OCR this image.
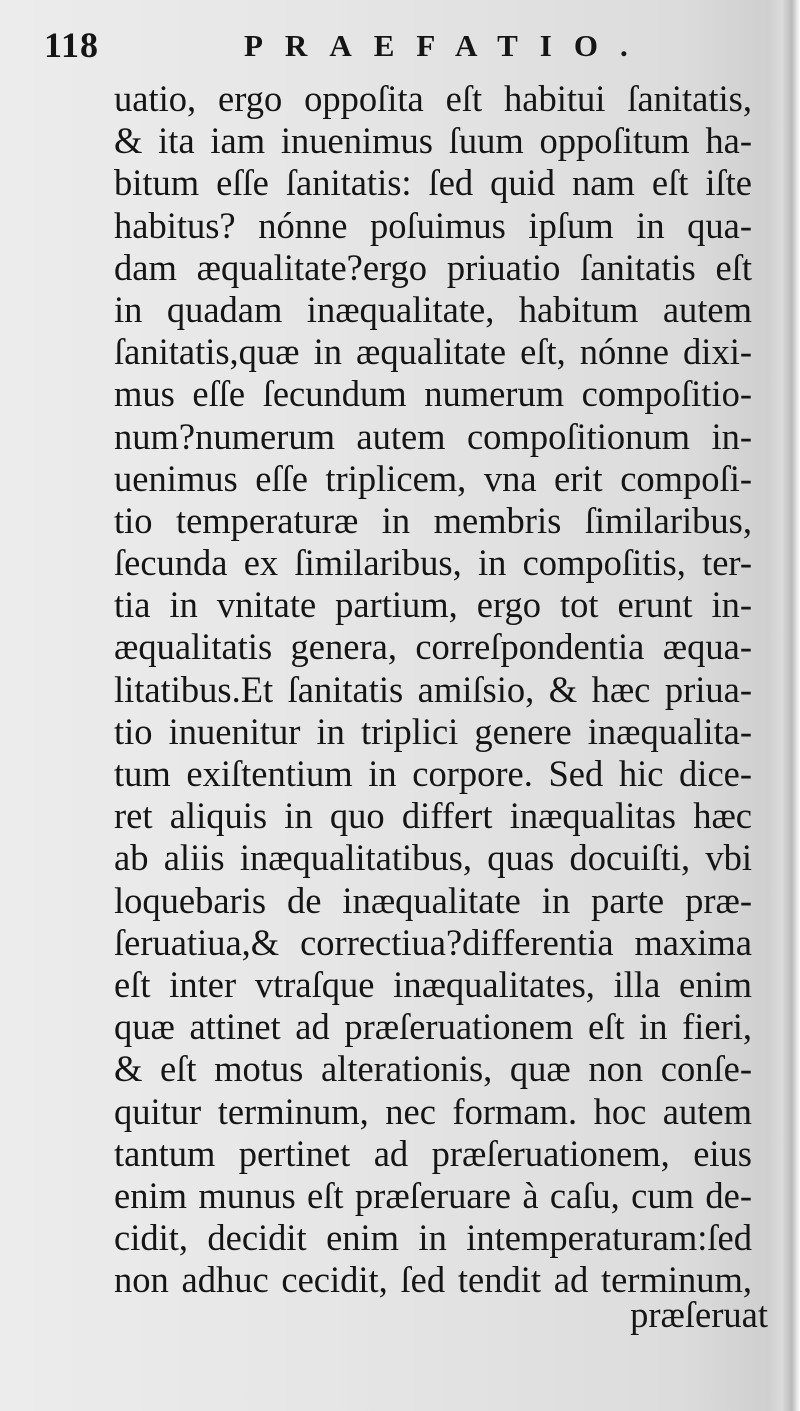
118	PRAEFATIO.
uatio, ergo oppoſita eſt habitui ſanitatis,
& ita iam inuenimus ſuum oppoſitum ha-
bitum eſſe ſanitatis: ſed quid nam eſt iſte
habitus? nónne poſuimus ipſum in qua-
dam æqualitate?ergo priuatio ſanitatis eſt
in quadam inæqualitate, habitum autem
ſanitatis,quæ in æqualitate eſt, nónne dixi-
mus eſſe ſecundum numerum compoſitio-
num?numerum autem compoſitionum in-
uenimus eſſe triplicem, vna erit compoſi-
tio temperaturæ in membris ſimilaribus,
ſecunda ex ſimilaribus, in compoſitis, ter-
tia in vnitate partium, ergo tot erunt in-
æqualitatis genera, correſpondentia æqua-
litatibus.Et ſanitatis amiſsio, & hæc priua-
tio inuenitur in triplici genere inæqualita-
tum exiſtentium in corpore. Sed hic dice-
ret aliquis in quo differt inæqualitas hæc
ab aliis inæqualitatibus, quas docuiſti, vbi
loquebaris de inæqualitate in parte præ-
ſeruatiua,& correctiua?differentia maxima
eſt inter vtraſque inæqualitates, illa enim
quæ attinet ad præſeruationem eſt in fieri,
& eſt motus alterationis, quæ non conſe-
quitur terminum, nec formam. hoc autem
tantum pertinet ad præſeruationem, eius
enim munus eſt præſeruare à caſu, cum de-
cidit, decidit enim in intemperaturam:ſed
non adhuc cecidit, ſed tendit ad terminum,
præſeruat
